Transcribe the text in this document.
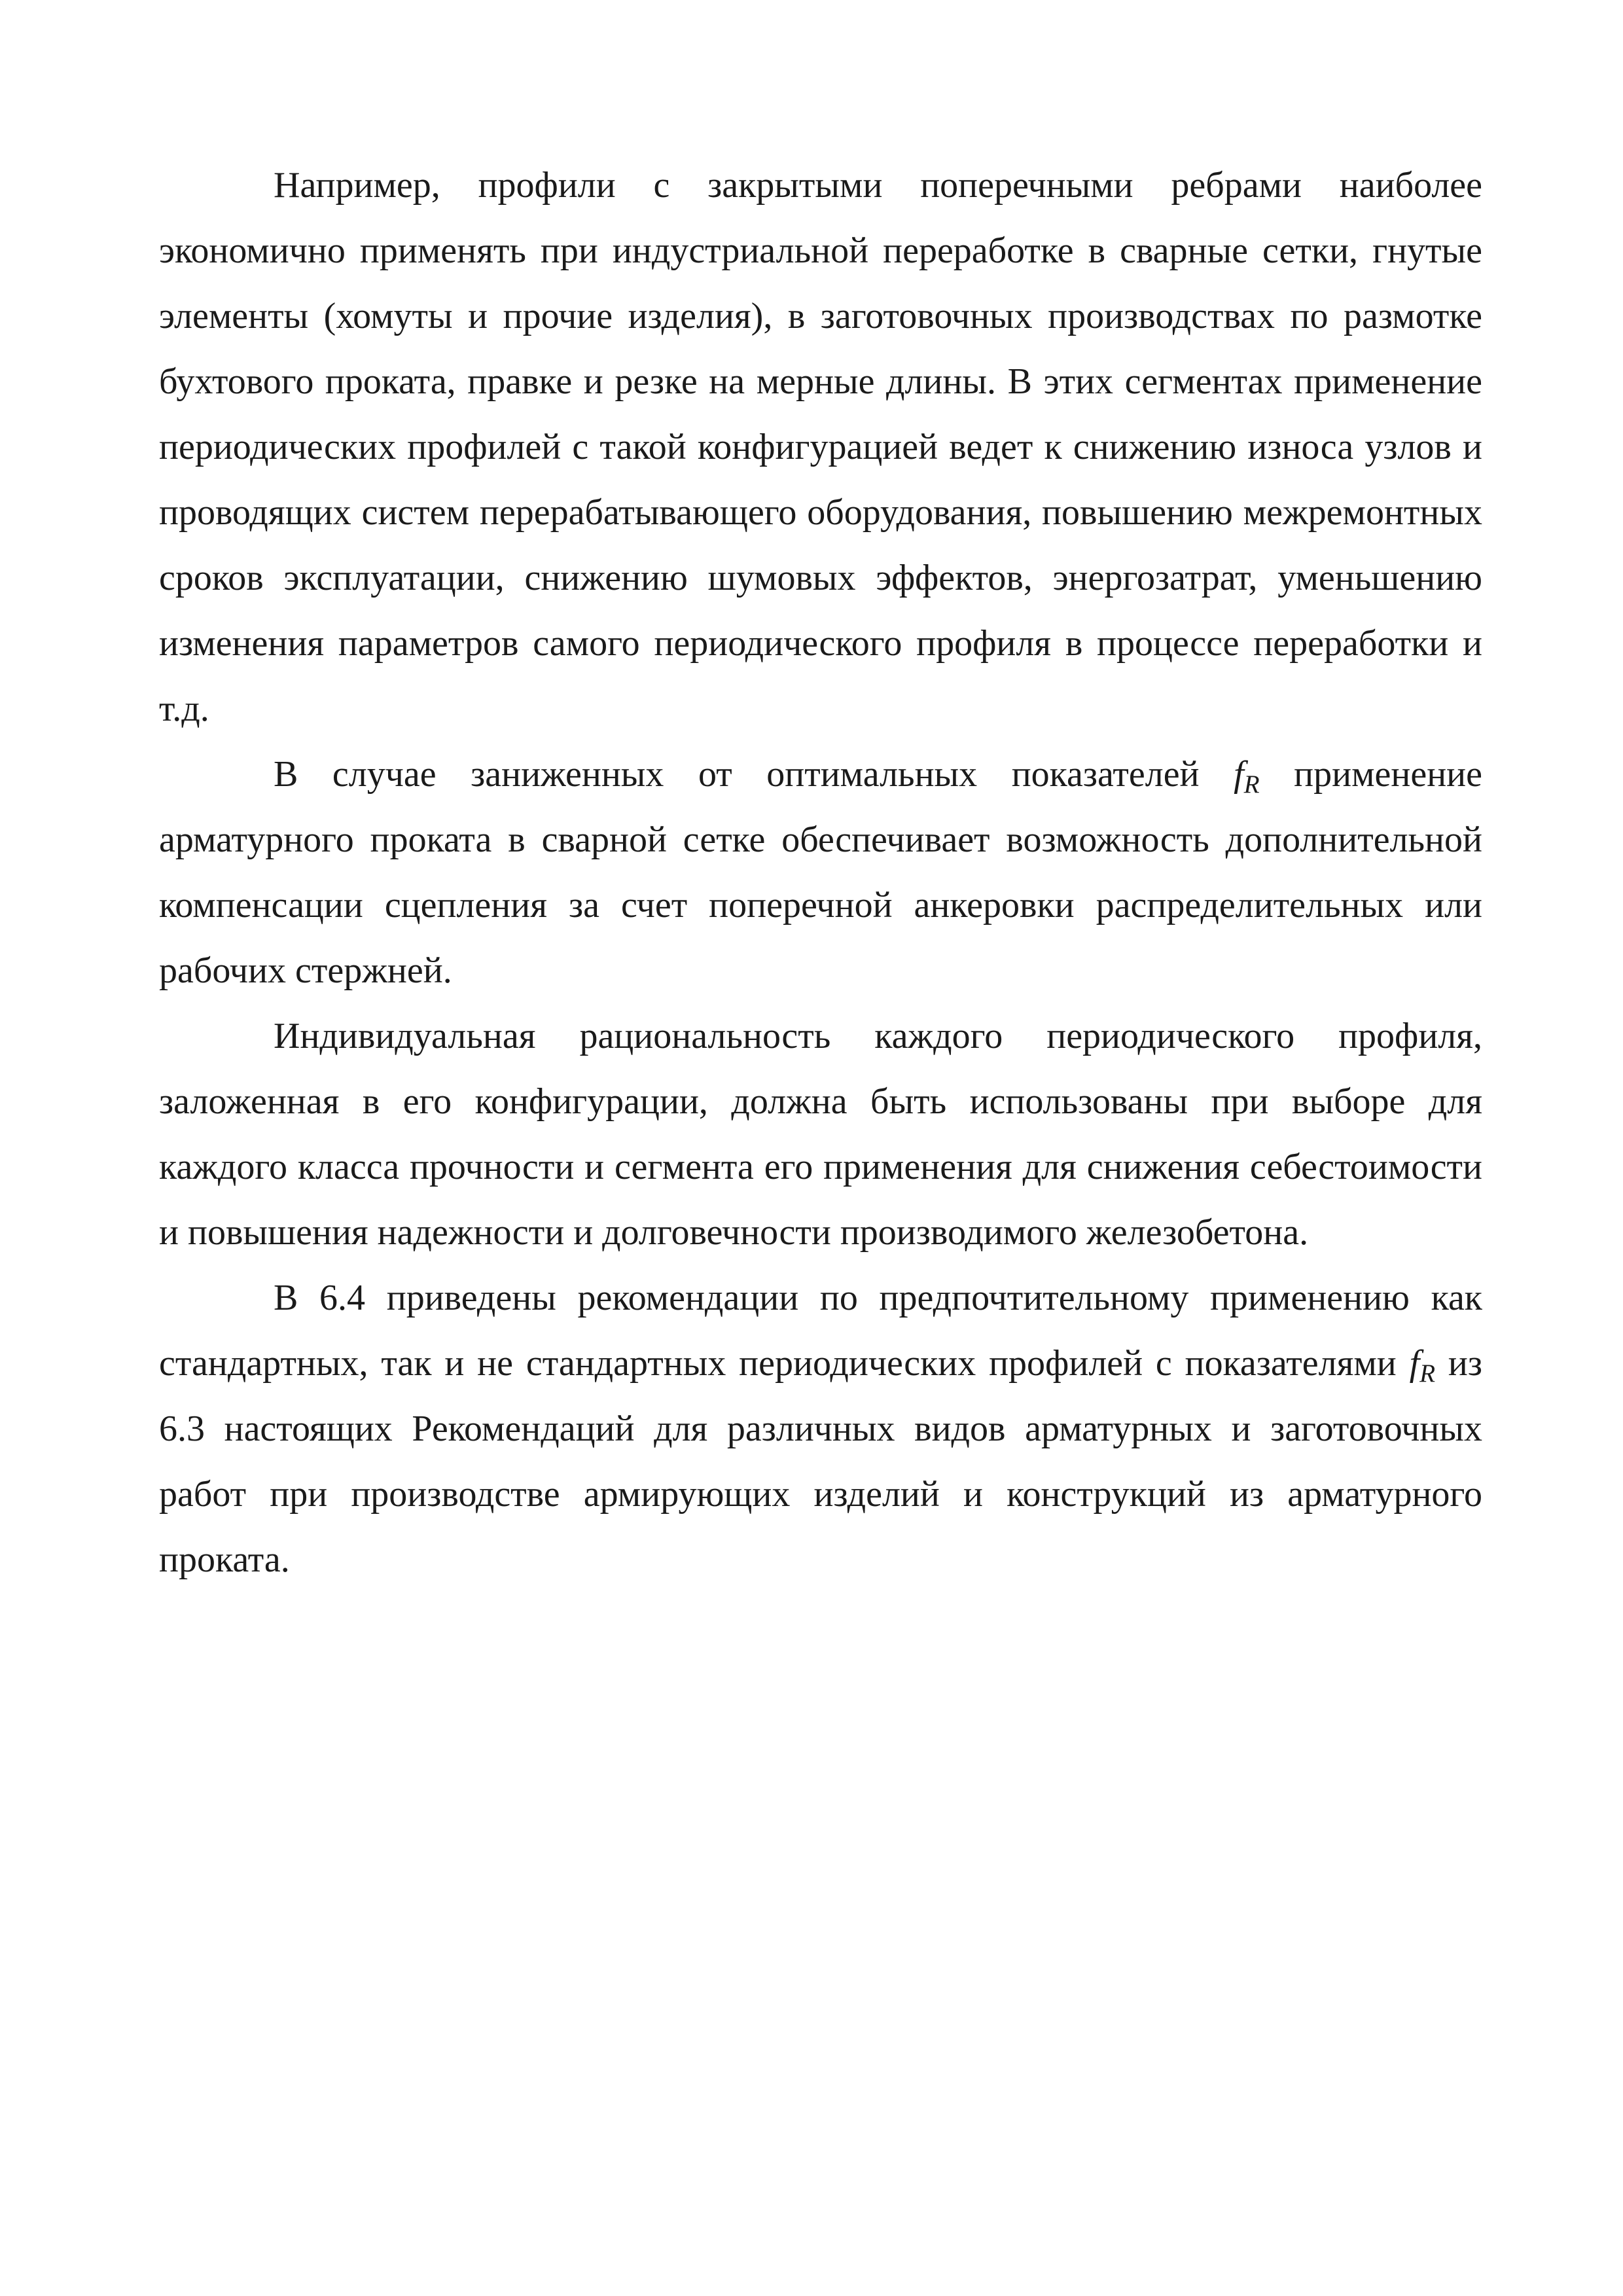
Например, профили с закрытыми поперечными ребрами наиболее экономично применять при индустриальной переработке в сварные сетки, гнутые элементы (хомуты и прочие изделия), в заготовочных производствах по размотке бухтового проката, правке и резке на мерные длины. В этих сегментах применение периодических профилей с такой конфигурацией ведет к снижению износа узлов и проводящих систем перерабатывающего оборудования, повышению межремонтных сроков эксплуатации, снижению шумовых эффектов, энергозатрат, уменьшению изменения параметров самого периодического профиля в процессе переработки и т.д.

В случае заниженных от оптимальных показателей $f_R$ применение арматурного проката в сварной сетке обеспечивает возможность дополнительной компенсации сцепления за счет поперечной анкеровки распределительных или рабочих стержней.

Индивидуальная рациональность каждого периодического профиля, заложенная в его конфигурации, должна быть использованы при выборе для каждого класса прочности и сегмента его применения для снижения себестоимости и повышения надежности и долговечности производимого железобетона.

В 6.4 приведены рекомендации по предпочтительному применению как стандартных, так и не стандартных периодических профилей с показателями $f_R$ из 6.3 настоящих Рекомендаций для различных видов арматурных и заготовочных работ при производстве армирующих изделий и конструкций из арматурного проката.
